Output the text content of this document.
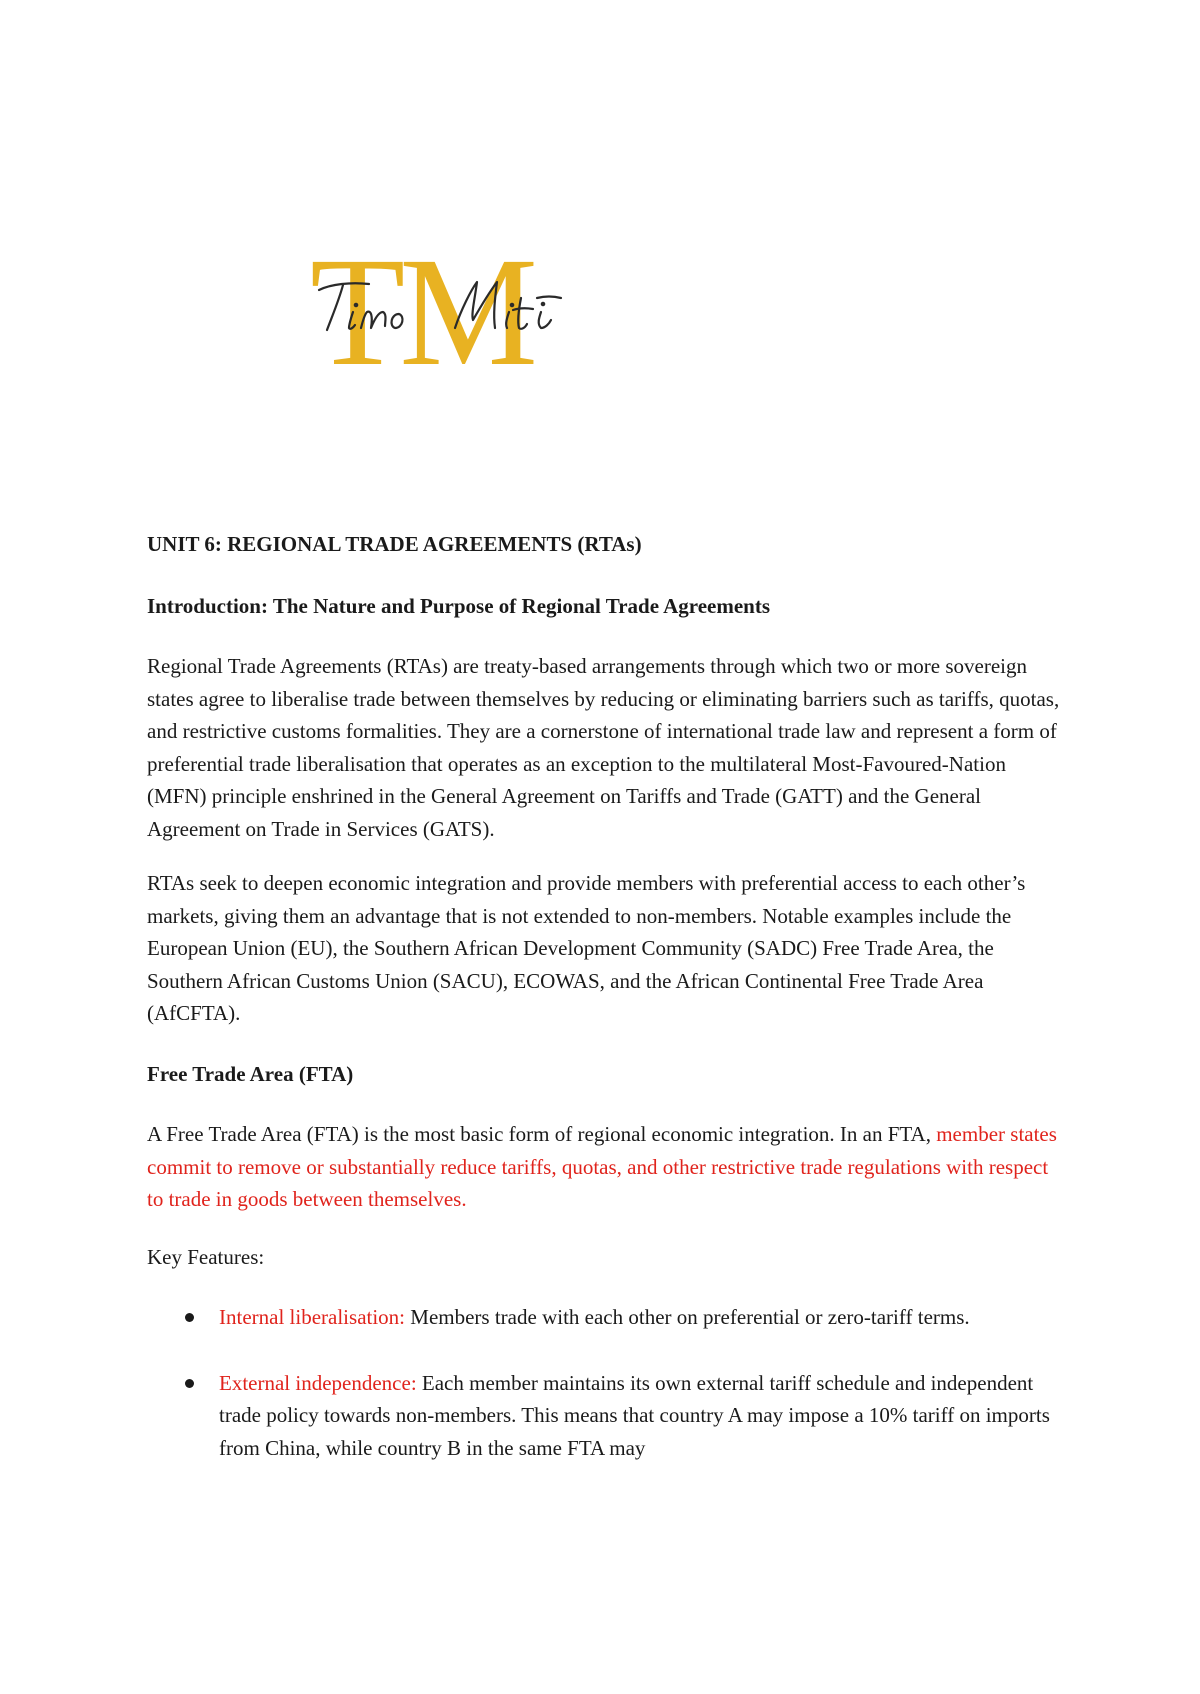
TM

UNIT 6: REGIONAL TRADE AGREEMENTS (RTAs)

Introduction: The Nature and Purpose of Regional Trade Agreements

Regional Trade Agreements (RTAs) are treaty-based arrangements through which two or more sovereign states agree to liberalise trade between themselves by reducing or eliminating barriers such as tariffs, quotas, and restrictive customs formalities. They are a cornerstone of international trade law and represent a form of preferential trade liberalisation that operates as an exception to the multilateral Most-Favoured-Nation (MFN) principle enshrined in the General Agreement on Tariffs and Trade (GATT) and the General Agreement on Trade in Services (GATS).

RTAs seek to deepen economic integration and provide members with preferential access to each other’s markets, giving them an advantage that is not extended to non-members. Notable examples include the European Union (EU), the Southern African Development Community (SADC) Free Trade Area, the Southern African Customs Union (SACU), ECOWAS, and the African Continental Free Trade Area (AfCFTA).

Free Trade Area (FTA)

A Free Trade Area (FTA) is the most basic form of regional economic integration. In an FTA, member states commit to remove or substantially reduce tariffs, quotas, and other restrictive trade regulations with respect to trade in goods between themselves.

Key Features:

Internal liberalisation: Members trade with each other on preferential or zero-tariff terms.
External independence: Each member maintains its own external tariff schedule and independent trade policy towards non-members. This means that country A may impose a 10% tariff on imports from China, while country B in the same FTA may
